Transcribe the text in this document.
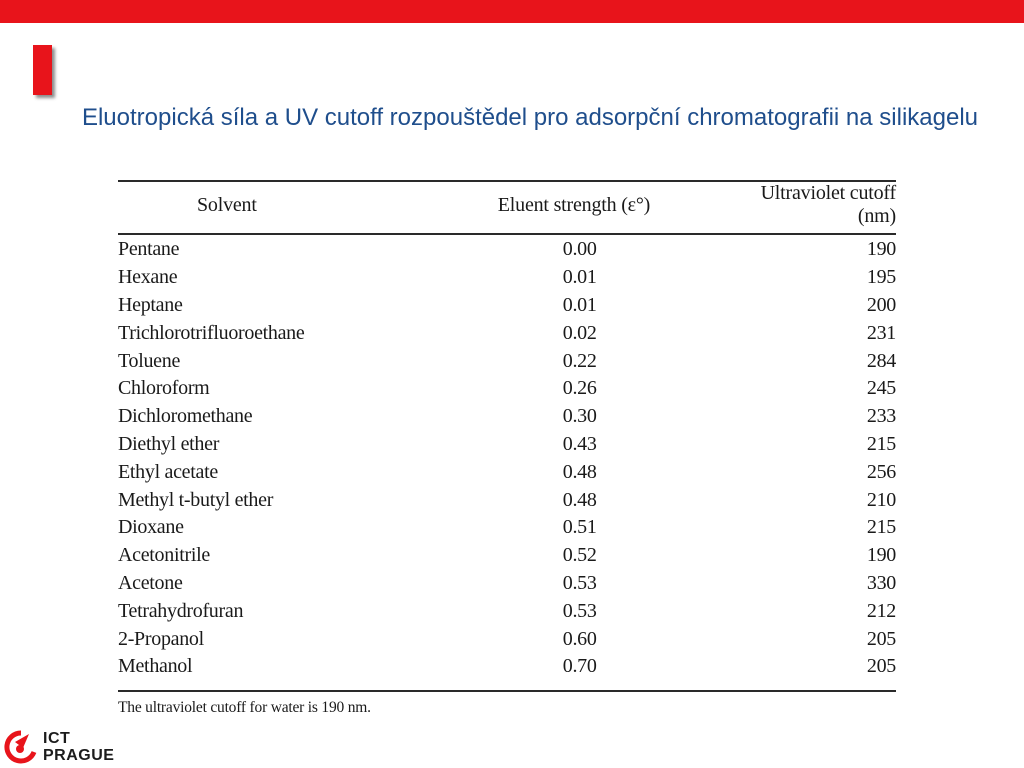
Eluotropická síla a UV cutoff rozpouštědel pro adsorpční chromatografii na silikagelu
Solvent	Eluent strength (ε°)	Ultraviolet cutoff (nm)

Pentane	0.00	190
Hexane	0.01	195
Heptane	0.01	200
Trichlorotrifluoroethane	0.02	231
Toluene	0.22	284
Chloroform	0.26	245
Dichloromethane	0.30	233
Diethyl ether	0.43	215
Ethyl acetate	0.48	256
Methyl t-butyl ether	0.48	210
Dioxane	0.51	215
Acetonitrile	0.52	190
Acetone	0.53	330
Tetrahydrofuran	0.53	212
2-Propanol	0.60	205
Methanol	0.70	205
The ultraviolet cutoff for water is 190 nm.
ICT
PRAGUE
